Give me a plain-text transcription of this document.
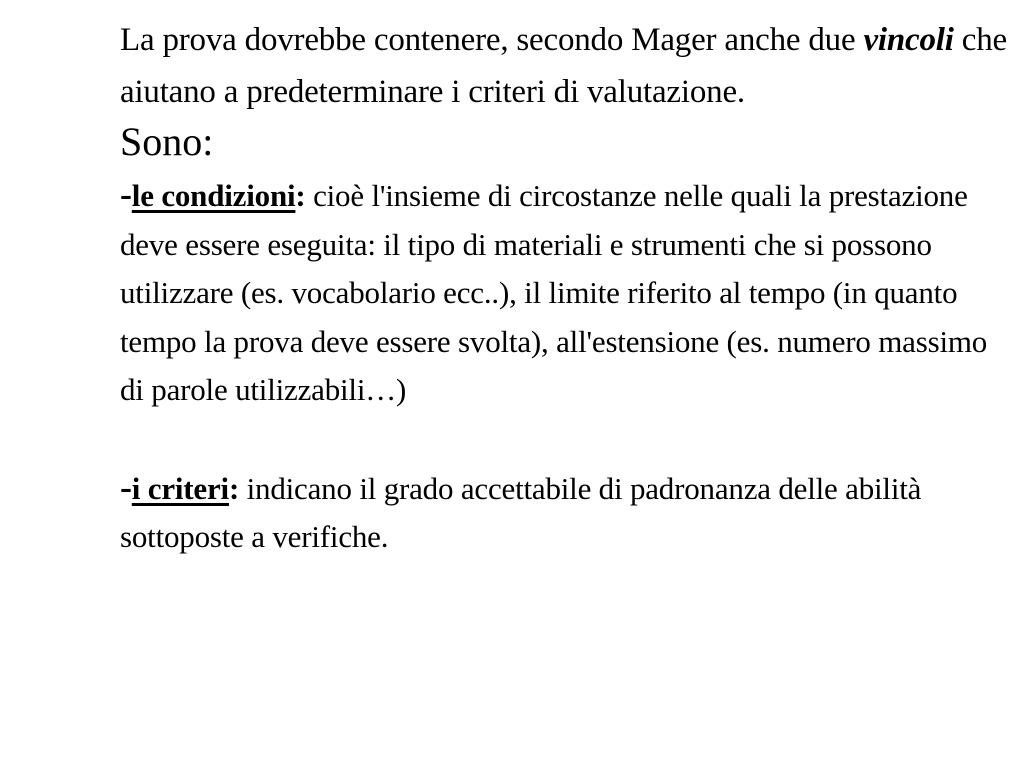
La prova dovrebbe contenere, secondo Mager anche due vincoli che aiutano a predeterminare i criteri di valutazione.

Sono:

-le condizioni: cioè l'insieme di circostanze nelle quali la prestazione deve essere eseguita: il tipo di materiali e strumenti che si possono utilizzare (es. vocabolario ecc..), il limite riferito al tempo (in quanto tempo la prova deve essere svolta), all'estensione (es. numero massimo di parole utilizzabili…)

-i criteri: indicano il grado accettabile di padronanza delle abilità sottoposte a verifiche.
